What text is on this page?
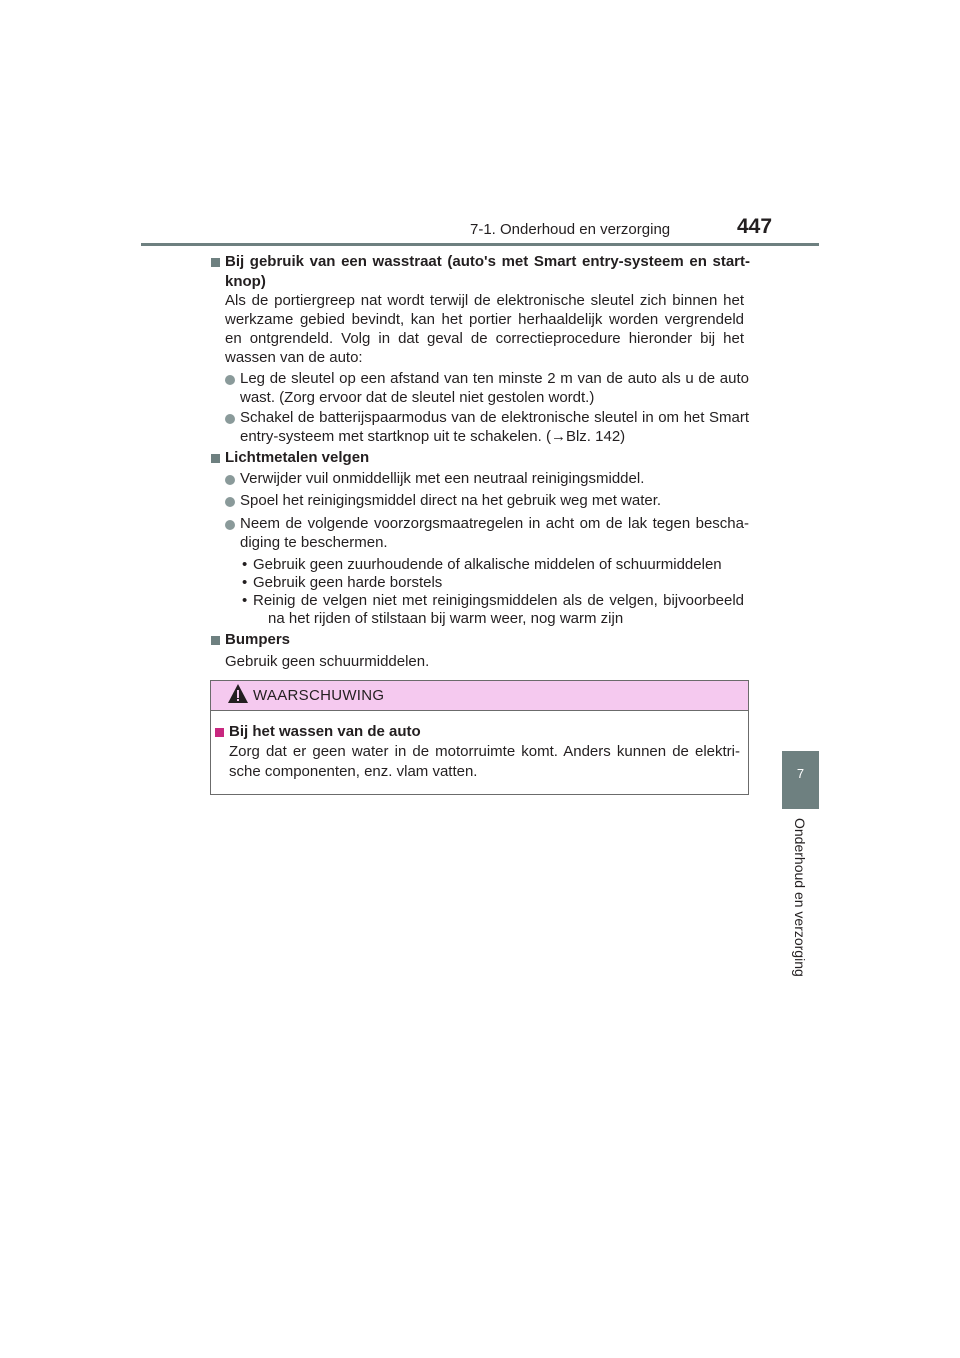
7-1. Onderhoud en verzorging	447
7
Onderhoud en verzorging
Bij gebruik van een wasstraat (auto's met Smart entry-systeem en start-
knop)
Als de portiergreep nat wordt terwijl de elektronische sleutel zich binnen het
werkzame gebied bevindt, kan het portier herhaaldelijk worden vergrendeld
en ontgrendeld. Volg in dat geval de correctieprocedure hieronder bij het
wassen van de auto:
Leg de sleutel op een afstand van ten minste 2 m van de auto als u de auto
wast. (Zorg ervoor dat de sleutel niet gestolen wordt.)
Schakel de batterijspaarmodus van de elektronische sleutel in om het Smart
entry-systeem met startknop uit te schakelen. (→Blz. 142)
Lichtmetalen velgen
Verwijder vuil onmiddellijk met een neutraal reinigingsmiddel.
Spoel het reinigingsmiddel direct na het gebruik weg met water.
Neem de volgende voorzorgsmaatregelen in acht om de lak tegen bescha-
diging te beschermen.
• Gebruik geen zuurhoudende of alkalische middelen of schuurmiddelen
• Gebruik geen harde borstels
• Reinig de velgen niet met reinigingsmiddelen als de velgen, bijvoorbeeld
na het rijden of stilstaan bij warm weer, nog warm zijn
Bumpers
Gebruik geen schuurmiddelen.
WAARSCHUWING
Bij het wassen van de auto
Zorg dat er geen water in de motorruimte komt. Anders kunnen de elektri-
sche componenten, enz. vlam vatten.
